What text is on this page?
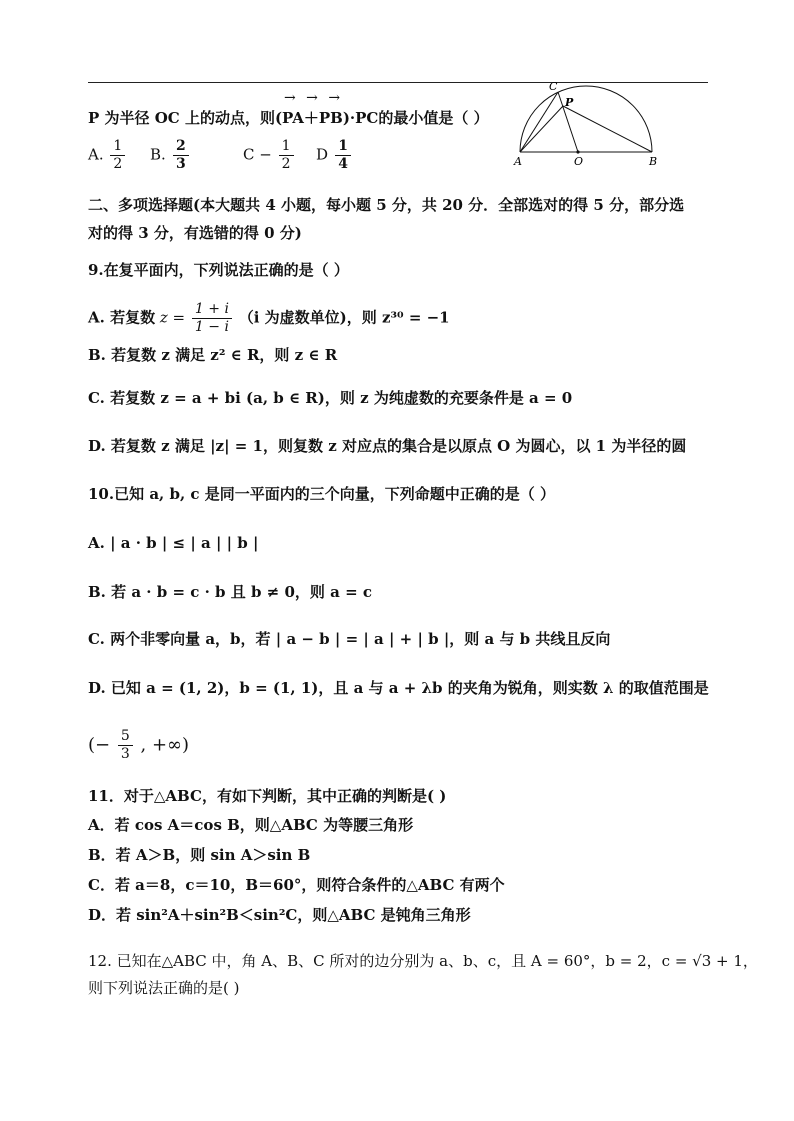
→ → →
P 为半径 OC 上的动点，则(PA＋PB)·PC的最小值是（ ）
A. $\frac{1}{2} B$. $\frac{2}{3}$	$C - \frac{1}{2}$ D $\frac{1}{4}$
C
P
A	O	B
二、多项选择题(本大题共 4 小题，每小题 5 分，共 20 分．全部选对的得 5 分，部分选
对的得 3 分，有选错的得 0 分)
9.在复平面内，下列说法正确的是（ ）
A. 若复数 $z = \frac{1 + i}{1 - i} (i$ 为虚数单位)，则 z³⁰ = −1
B. 若复数 z 满足 z² ∈ R，则 z ∈ R
C. 若复数 z = a + bi (a, b ∈ R)，则 z 为纯虚数的充要条件是 a = 0
D. 若复数 z 满足 |z| = 1，则复数 z 对应点的集合是以原点 O 为圆心，以 1 为半径的圆
10.已知 a, b, c 是同一平面内的三个向量，下列命题中正确的是（ ）
A. | a · b | ≤ | a | | b |
B. 若 a · b = c · b 且 b ≠ 0，则 a = c
C. 两个非零向量 a，b，若 | a − b | = | a | + | b |，则 a 与 b 共线且反向
D. 已知 a = (1, 2)，b = (1, 1)，且 a 与 a + λb 的夹角为锐角，则实数 λ 的取值范围是
(− $\frac{5}{3}$ , +∞)
11．对于△ABC，有如下判断，其中正确的判断是( )
A．若 cos A＝cos B，则△ABC 为等腰三角形
B．若 A＞B，则 sin A＞sin B
C．若 a＝8，c＝10，B＝60°，则符合条件的△ABC 有两个
D．若 sin²A＋sin²B＜sin²C，则△ABC 是钝角三角形
12. 已知在△ABC 中，角 A、B、C 所对的边分别为 a、b、c，且 A = 60°，b = 2，c = √3 + 1，
则下列说法正确的是( )
